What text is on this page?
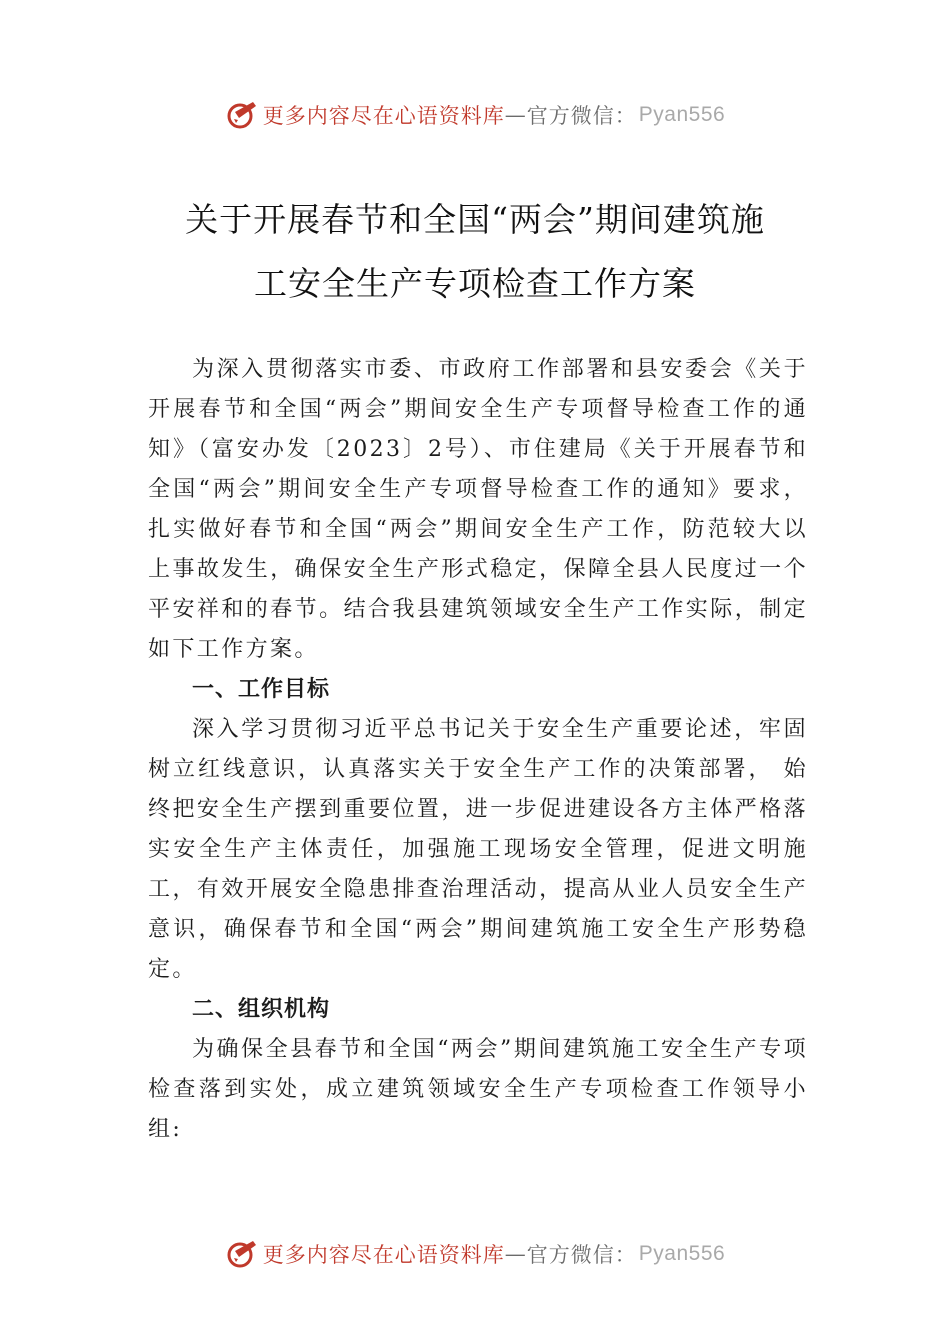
更多内容尽在心语资料库 — 官方微信： Pyan556
关于开展春节和全国“两会”期间建筑施
工安全生产专项检查工作方案

为深入贯彻落实市委、市政府工作部署和县安委会《关于开展春节和全国“两会”期间安全生产专项督导检查工作的通知》（富安办发〔2023〕2号）、市住建局《关于开展春节和全国“两会”期间安全生产专项督导检查工作的通知》要求，扎实做好春节和全国“两会”期间安全生产工作，防范较大以上事故发生，确保安全生产形式稳定，保障全县人民度过一个平安祥和的春节。结合我县建筑领域安全生产工作实际，制定如下工作方案。

一、工作目标

深入学习贯彻习近平总书记关于安全生产重要论述，牢固树立红线意识，认真落实关于安全生产工作的决策部署， 始终把安全生产摆到重要位置，进一步促进建设各方主体严格落实安全生产主体责任，加强施工现场安全管理，促进文明施工，有效开展安全隐患排查治理活动，提高从业人员安全生产意识，确保春节和全国“两会”期间建筑施工安全生产形势稳定。

二、组织机构

为确保全县春节和全国“两会”期间建筑施工安全生产专项检查落到实处，成立建筑领域安全生产专项检查工作领导小组:

更多内容尽在心语资料库 — 官方微信： Pyan556
